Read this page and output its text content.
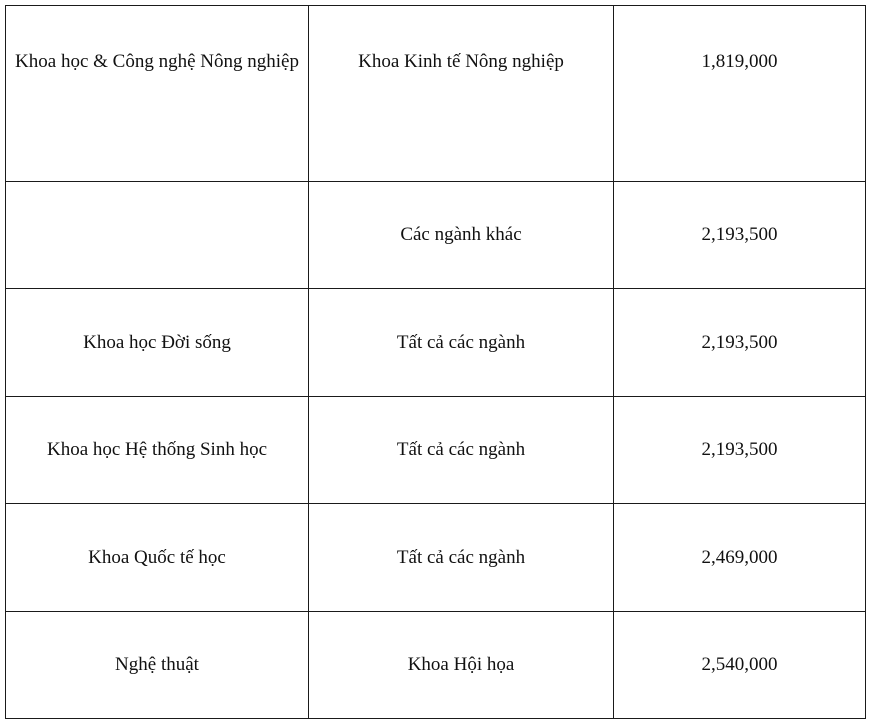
Khoa học & Công nghệ Nông nghiệp	Khoa Kinh tế Nông nghiệp	1,819,000
	Các ngành khác	2,193,500
Khoa học Đời sống	Tất cả các ngành	2,193,500
Khoa học Hệ thống Sinh học	Tất cả các ngành	2,193,500
Khoa Quốc tế học	Tất cả các ngành	2,469,000
Nghệ thuật	Khoa Hội họa	2,540,000
